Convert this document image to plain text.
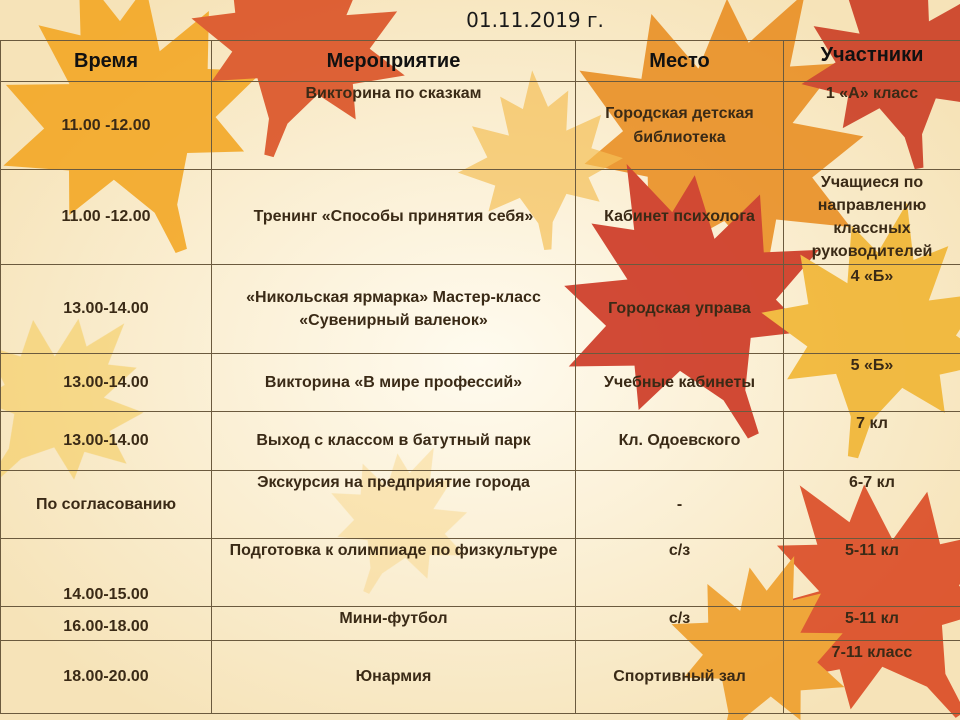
01.11.2019 г.
Время	Мероприятие	Место	Участники
11.00 -12.00	Викторина по сказкам	Городская детская библиотека	1 «А» класс
11.00 -12.00	Тренинг «Способы принятия себя»	Кабинет психолога	Учащиеся по направлению классных руководителей
13.00-14.00	«Никольская ярмарка» Мастер-класс «Сувенирный валенок»	Городская управа	4 «Б»
13.00-14.00	Викторина «В мире профессий»	Учебные кабинеты	5 «Б»
13.00-14.00	Выход с классом в батутный парк	Кл. Одоевского	7 кл
По согласованию	Экскурсия на предприятие города	-	6-7 кл
14.00-15.00	Подготовка к олимпиаде по физкультуре	с/з	5-11 кл
16.00-18.00	Мини-футбол	с/з	5-11 кл
18.00-20.00	Юнармия	Спортивный зал	7-11 класс
